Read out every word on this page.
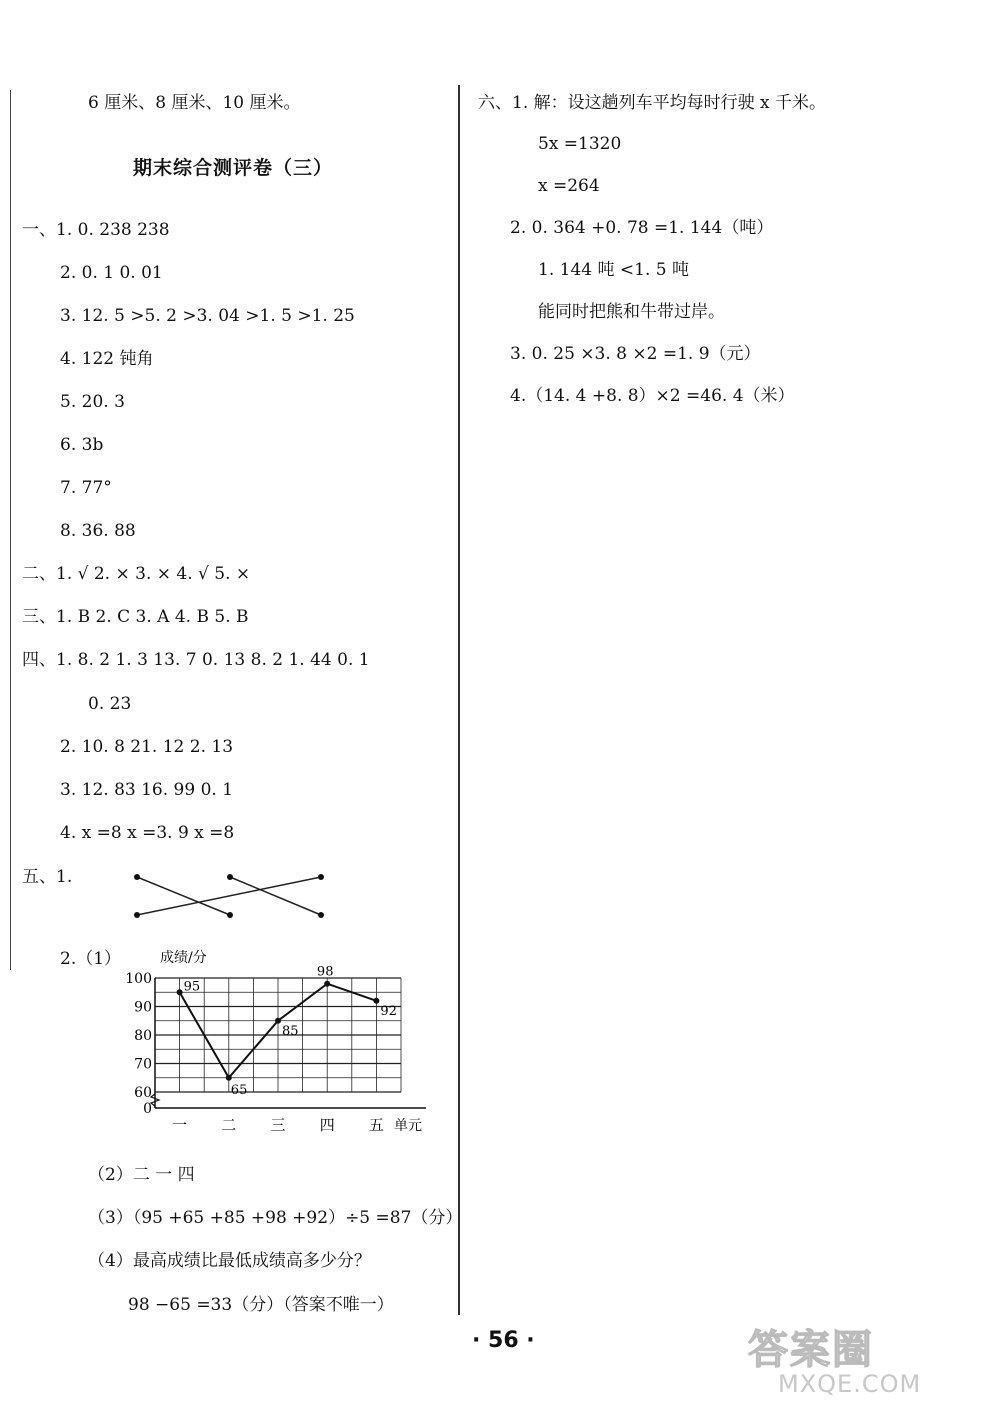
6 厘米、8 厘米、10 厘米。
期末综合测评卷（三）
一、1. 0. 238 238
2. 0. 1 0. 01
3. 12. 5 >5. 2 >3. 04 >1. 5 >1. 25
4. 122 钝角
5. 20. 3
6. 3b
7. 77°
8. 36. 88
二、1. √ 2. × 3. × 4. √ 5. ×
三、1. B 2. C 3. A 4. B 5. B
四、1. 8. 2 1. 3 13. 7 0. 13 8. 2 1. 44 0. 1
0. 23
2. 10. 8 21. 12 2. 13
3. 12. 83 16. 99 0. 1
4. x =8 x =3. 9 x =8
五、1.
2.（1）	成绩/分
0
60
70
80
90
100
一 二 三 四 五
95
65
85
98
92
单元
（2）二 一 四
（3）（95 +65 +85 +98 +92）÷5 =87（分）
（4）最高成绩比最低成绩高多少分？
98 −65 =33（分）（答案不唯一）
六、1. 解：设这趟列车平均每时行驶 x 千米。
5x =1320
x =264
2. 0. 364 +0. 78 =1. 144（吨）
1. 144 吨 <1. 5 吨
能同时把熊和牛带过岸。
3. 0. 25 ×3. 8 ×2 =1. 9（元）
4.（14. 4 +8. 8）×2 =46. 4（米）
· 56 ·	答案圈
MXQE.COM
